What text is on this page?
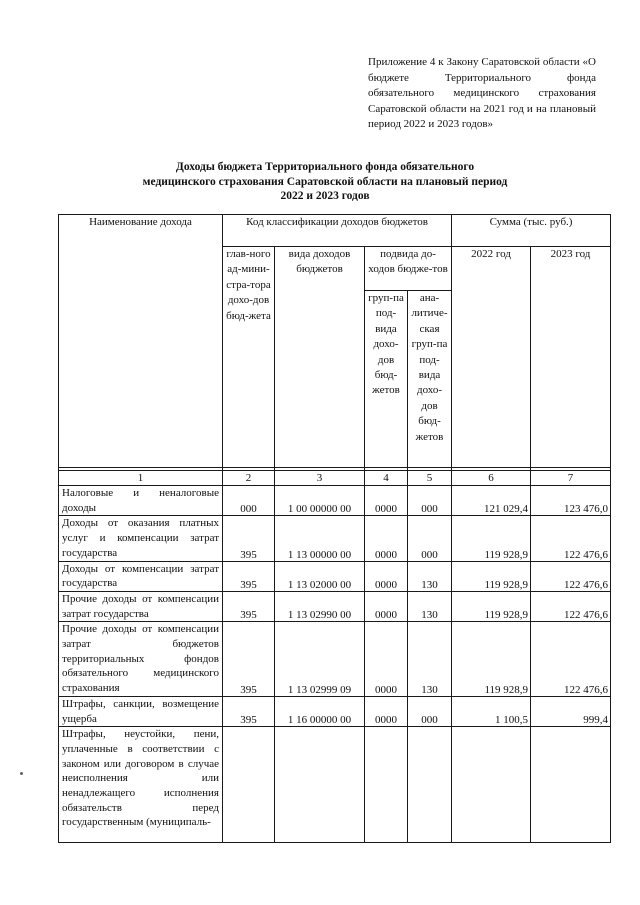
Приложение 4 к Закону Саратовской области «О бюджете Территориального фонда обязательного медицинского страхования Саратовской области на 2021 год и на плановый период 2022 и 2023 годов»
Доходы бюджета Территориального фонда обязательного
медицинского страхования Саратовской области на плановый период
2022 и 2023 годов
Наименование дохода	Код классификации доходов бюджетов				Сумма (тыс. руб.)	
	глав-ного ад-мини-стра-тора дохо-дов бюд-жета	вида доходов бюджетов	подвида до-ходов бюдже-тов		2022 год	2023 год
			груп-па под-вида дохо-дов бюд-жетов	ана-литиче-ская груп-па под-вида дохо-дов бюд-жетов		

1	2	3	4	5	6	7
Налоговые и неналоговые доходы	000	1 00 00000 00	0000	000	121 029,4	123 476,0
Доходы от оказания платных услуг и компенсации затрат государства	395	1 13 00000 00	0000	000	119 928,9	122 476,6
Доходы от компенсации затрат государства	395	1 13 02000 00	0000	130	119 928,9	122 476,6
Прочие доходы от компенсации затрат государства	395	1 13 02990 00	0000	130	119 928,9	122 476,6
Прочие доходы от компенсации затрат бюджетов территориальных фондов обязательного медицинского страхования	395	1 13 02999 09	0000	130	119 928,9	122 476,6
Штрафы, санкции, возмещение ущерба	395	1 16 00000 00	0000	000	1 100,5	999,4

Штрафы, неустойки, пени, уплаченные в соответствии с законом или договором в случае неисполнения или ненадлежащего исполнения обязательств перед государственным (муниципаль-						
